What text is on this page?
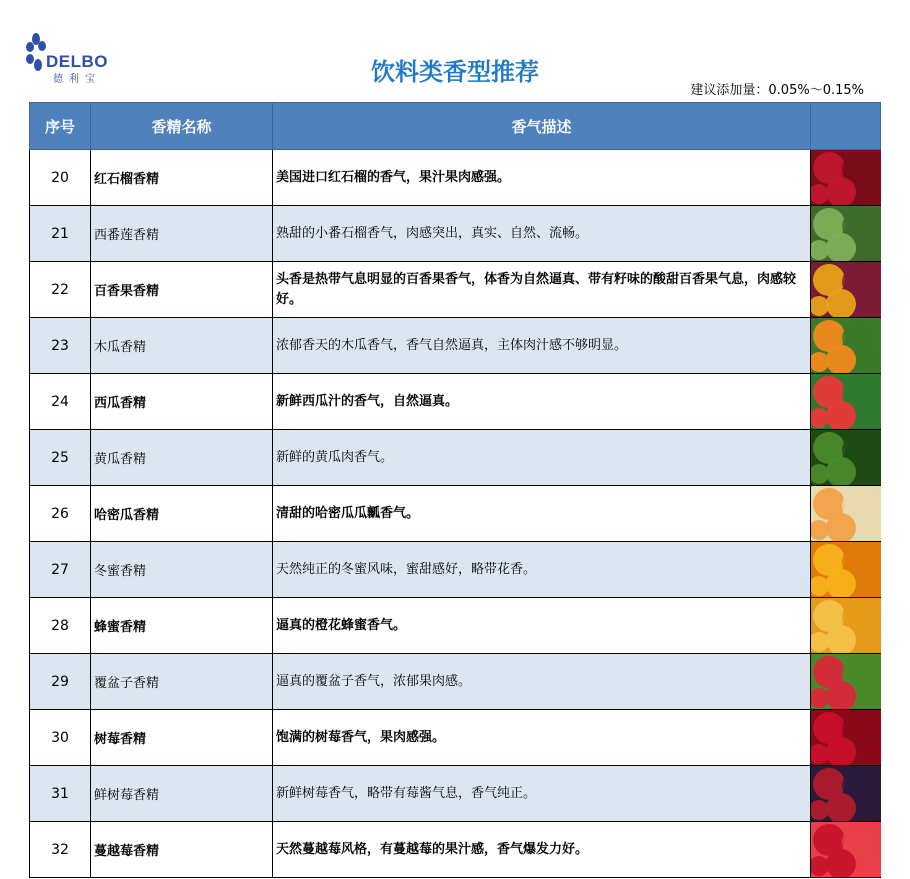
DELBO
德利宝	饮料类香型推荐
建议添加量：0.05%～0.15%
序号	香精名称	香气描述	
20	红石榴香精	美国进口红石榴的香气，果汁果肉感强。	

21	西番莲香精	熟甜的小番石榴香气，肉感突出，真实、自然、流畅。	

22	百香果香精	头香是热带气息明显的百香果香气，体香为自然逼真、带有籽味的酸甜百香果气息，肉感较好。	

23	木瓜香精	浓郁香天的木瓜香气，香气自然逼真，主体肉汁感不够明显。	

24	西瓜香精	新鲜西瓜汁的香气，自然逼真。	

25	黄瓜香精	新鲜的黄瓜肉香气。	

26	哈密瓜香精	清甜的哈密瓜瓜瓤香气。	

27	冬蜜香精	天然纯正的冬蜜风味，蜜甜感好，略带花香。	

28	蜂蜜香精	逼真的橙花蜂蜜香气。	

29	覆盆子香精	逼真的覆盆子香气，浓郁果肉感。	

30	树莓香精	饱满的树莓香气，果肉感强。	

31	鲜树莓香精	新鲜树莓香气，略带有莓酱气息，香气纯正。	

32	蔓越莓香精	天然蔓越莓风格，有蔓越莓的果汁感，香气爆发力好。	
